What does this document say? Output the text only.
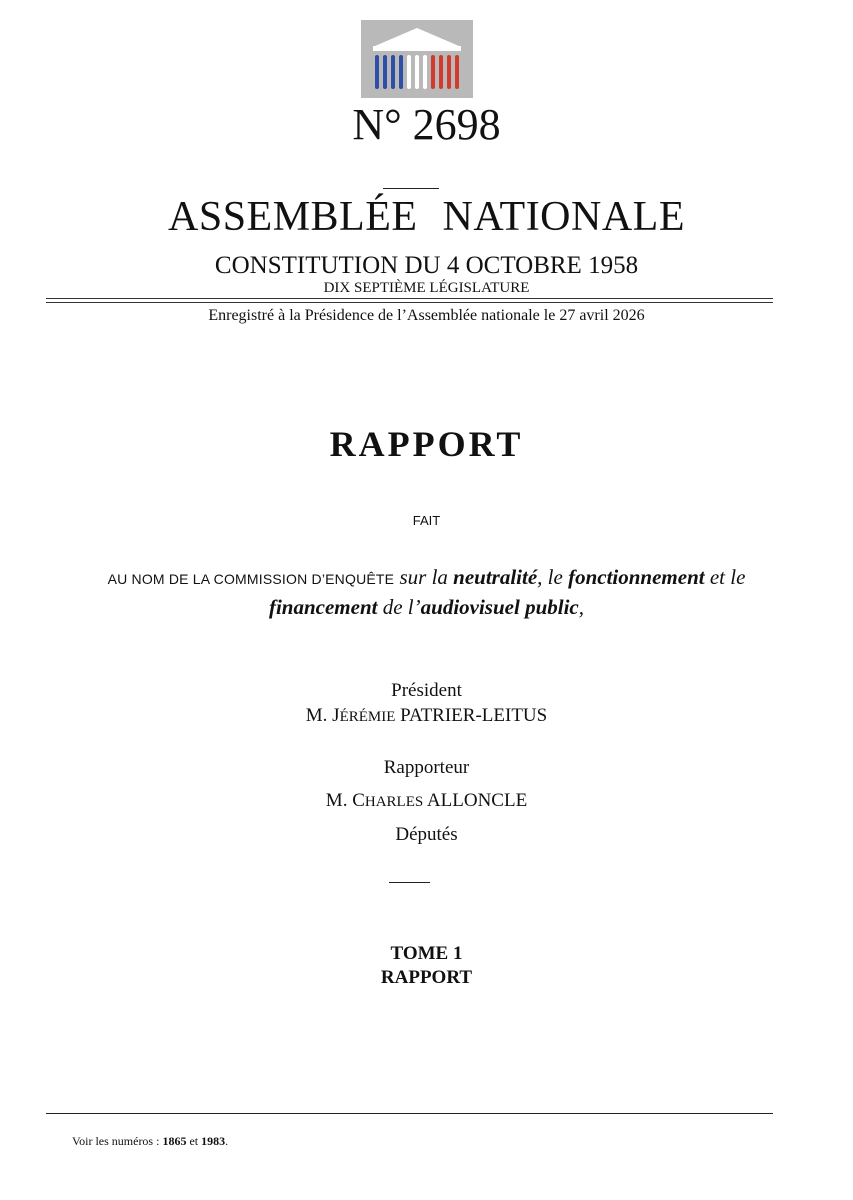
N° 2698
ASSEMBLÉE NATIONALE
CONSTITUTION DU 4 OCTOBRE 1958
DIX SEPTIÈME LÉGISLATURE
Enregistré à la Présidence de l’Assemblée nationale le 27 avril 2026
RAPPORT
FAIT
AU NOM DE LA COMMISSION D’ENQUÊTE sur la neutralité, le fonctionnement et le
financement de l’audiovisuel public,
Président
M. JÉRÉMIE PATRIER-LEITUS
Rapporteur
M. CHARLES ALLONCLE
Députés
TOME 1
RAPPORT
Voir les numéros : 1865 et 1983.
